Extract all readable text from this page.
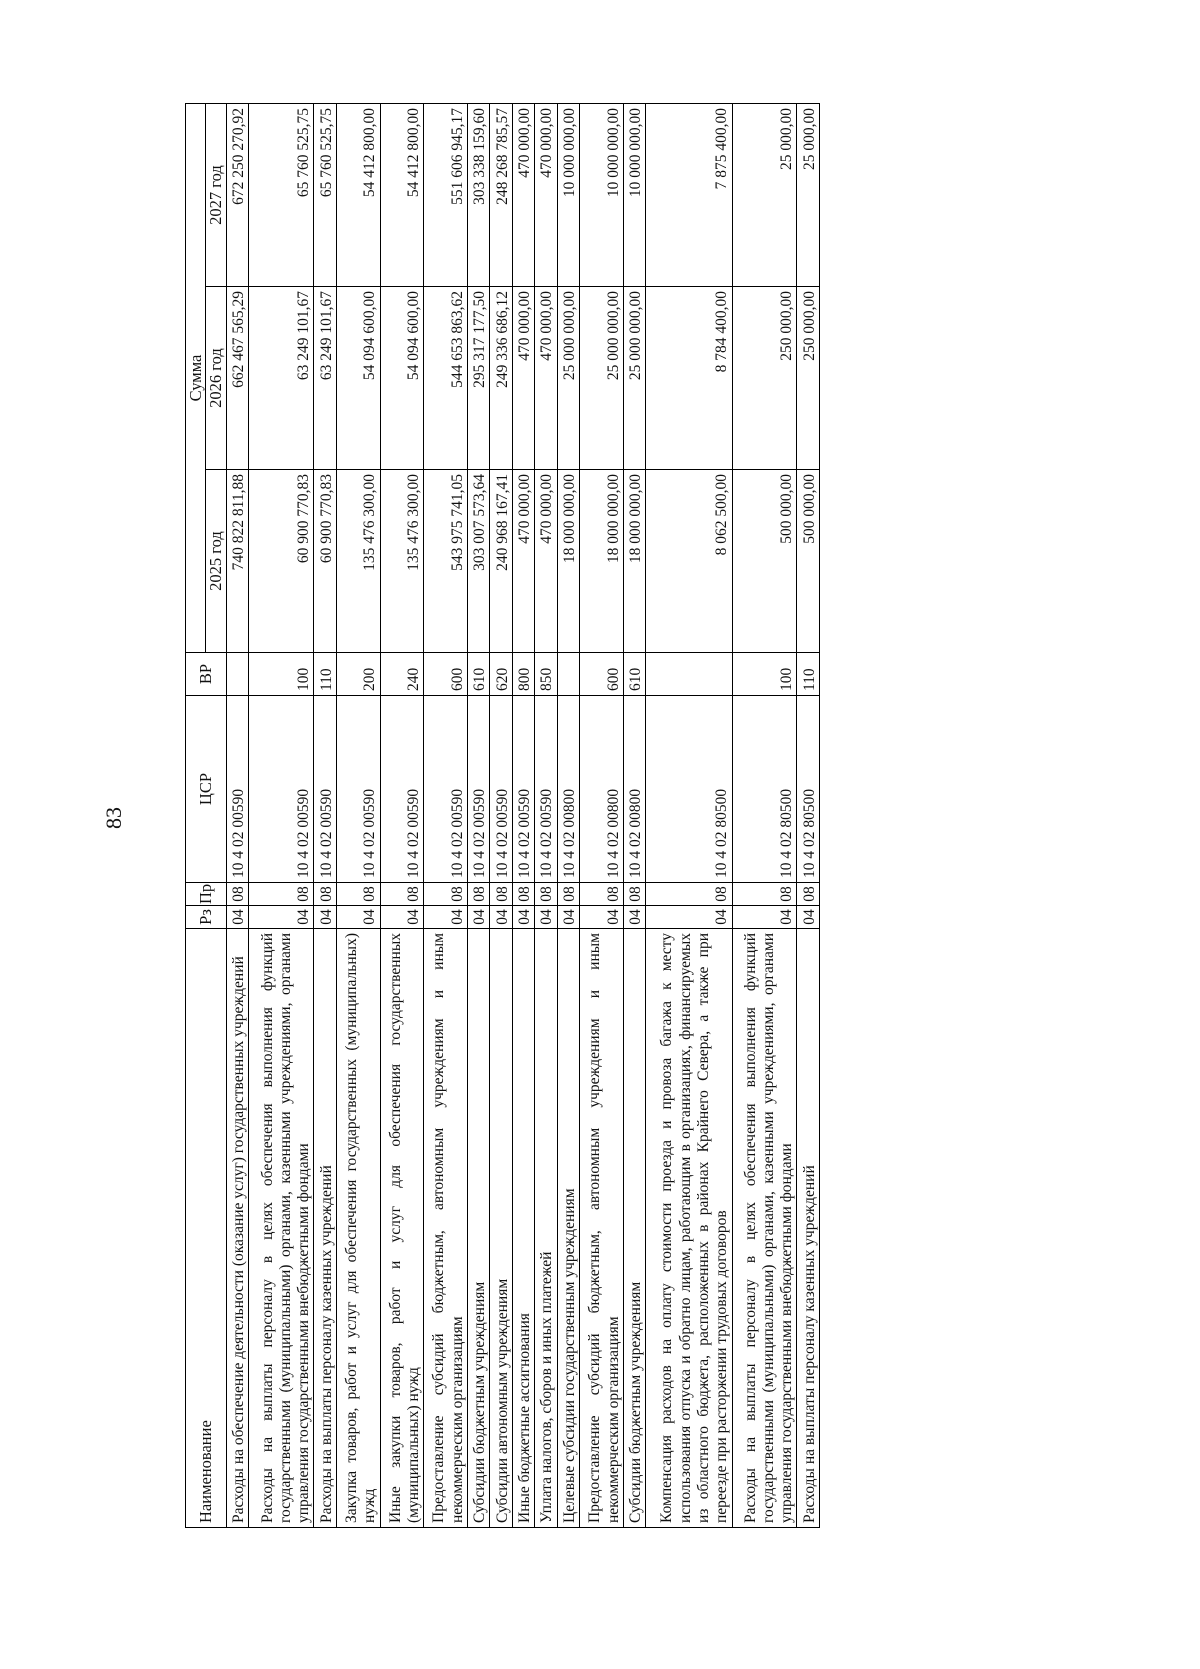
83
Наименование	Рз	Пр	ЦСР	ВР	Сумма		
					2025 год	2026 год	2027 год
Расходы на обеспечение деятельности (оказание услуг) государственных учреждений	04	08	10 4 02 00590		740 822 811,88	662 467 565,29	672 250 270,92
Расходы на выплаты персоналу в целях обеспечения выполнения функций государственными (муниципальными) органами, казенными учреждениями, органами управления государственными внебюджетными фондами	04	08	10 4 02 00590	100	60 900 770,83	63 249 101,67	65 760 525,75
Расходы на выплаты персоналу казенных учреждений	04	08	10 4 02 00590	110	60 900 770,83	63 249 101,67	65 760 525,75
Закупка товаров, работ и услуг для обеспечения государственных (муниципальных) нужд	04	08	10 4 02 00590	200	135 476 300,00	54 094 600,00	54 412 800,00
Иные закупки товаров, работ и услуг для обеспечения государственных (муниципальных) нужд	04	08	10 4 02 00590	240	135 476 300,00	54 094 600,00	54 412 800,00
Предоставление субсидий бюджетным, автономным учреждениям и иным некоммерческим организациям	04	08	10 4 02 00590	600	543 975 741,05	544 653 863,62	551 606 945,17
Субсидии бюджетным учреждениям	04	08	10 4 02 00590	610	303 007 573,64	295 317 177,50	303 338 159,60
Субсидии автономным учреждениям	04	08	10 4 02 00590	620	240 968 167,41	249 336 686,12	248 268 785,57
Иные бюджетные ассигнования	04	08	10 4 02 00590	800	470 000,00	470 000,00	470 000,00
Уплата налогов, сборов и иных платежей	04	08	10 4 02 00590	850	470 000,00	470 000,00	470 000,00
Целевые субсидии государственным учреждениям	04	08	10 4 02 00800		18 000 000,00	25 000 000,00	10 000 000,00
Предоставление субсидий бюджетным, автономным учреждениям и иным некоммерческим организациям	04	08	10 4 02 00800	600	18 000 000,00	25 000 000,00	10 000 000,00
Субсидии бюджетным учреждениям	04	08	10 4 02 00800	610	18 000 000,00	25 000 000,00	10 000 000,00
Компенсация расходов на оплату стоимости проезда и провоза багажа к месту использования отпуска и обратно лицам, работающим в организациях, финансируемых из областного бюджета, расположенных в районах Крайнего Севера, а также при переезде при расторжении трудовых договоров	04	08	10 4 02 80500		8 062 500,00	8 784 400,00	7 875 400,00
Расходы на выплаты персоналу в целях обеспечения выполнения функций государственными (муниципальными) органами, казенными учреждениями, органами управления государственными внебюджетными фондами	04	08	10 4 02 80500	100	500 000,00	250 000,00	25 000,00
Расходы на выплаты персоналу казенных учреждений	04	08	10 4 02 80500	110	500 000,00	250 000,00	25 000,00
